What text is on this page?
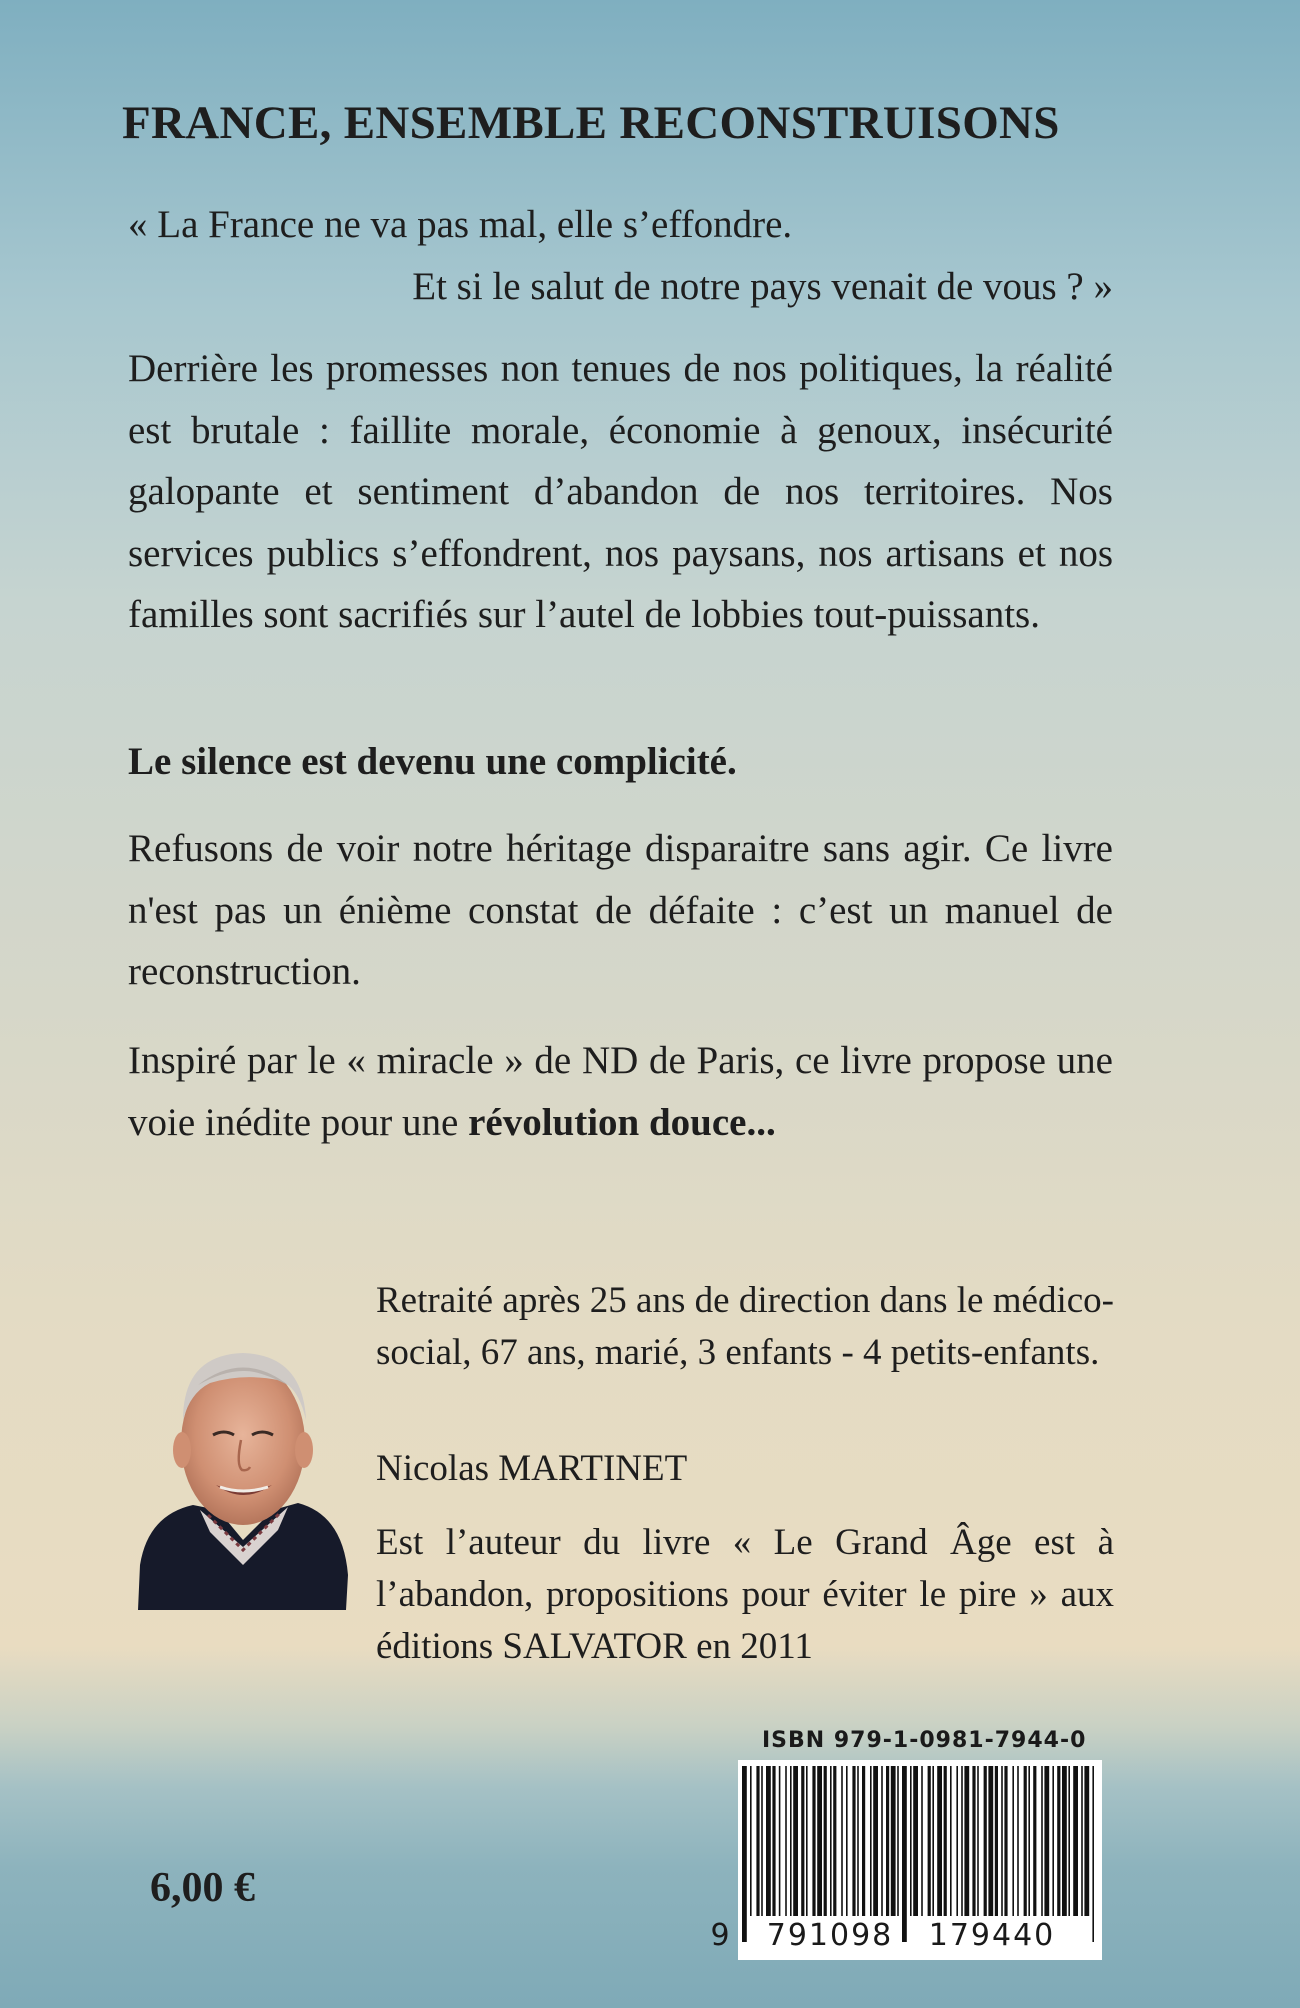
FRANCE, ENSEMBLE RECONSTRUISONS
« La France ne va pas mal, elle s’effondre.
Et si le salut de notre pays venait de vous ? »

Derrière les promesses non tenues de nos politiques, la réalité est brutale : faillite morale, économie à genoux, insécurité galopante et sentiment d’abandon de nos territoires. Nos services publics s’effondrent, nos paysans, nos artisans et nos familles sont sacrifiés sur l’autel de lobbies tout-puissants.

Le silence est devenu une complicité.

Refusons de voir notre héritage disparaitre sans agir. Ce livre n'est pas un énième constat de défaite : c’est un manuel de reconstruction.

Inspiré par le « miracle » de ND de Paris, ce livre propose une voie inédite pour une révolution douce...

Retraité après 25 ans de direction dans le médico-social, 67 ans, marié, 3 enfants - 4 petits-enfants.

Nicolas MARTINET

Est l’auteur du livre « Le Grand Âge est à l’abandon, propositions pour éviter le pire » aux éditions SALVATOR en 2011

ISBN 979-1-0981-7944-0
9 791098 179440
6,00 €
